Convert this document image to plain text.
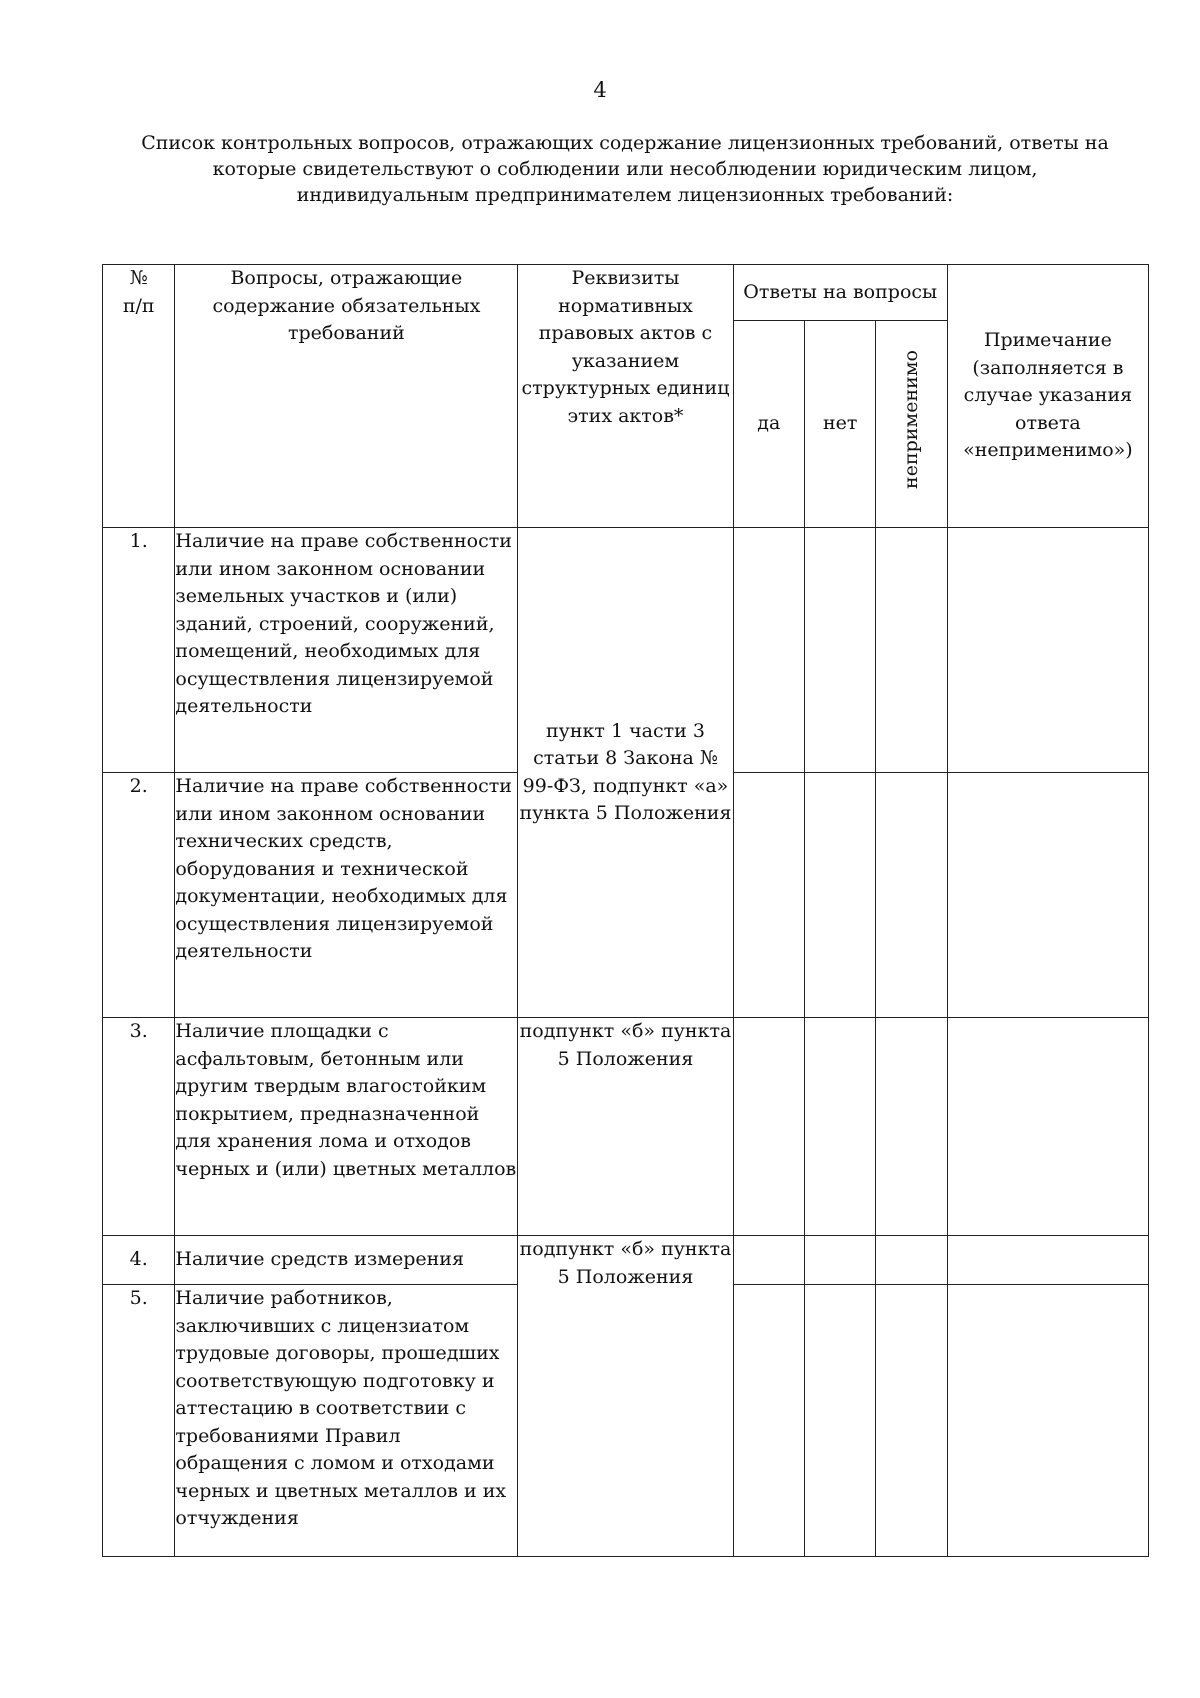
4

Список контрольных вопросов, отражающих содержание лицензионных требований, ответы на
которые свидетельствуют о соблюдении или несоблюдении юридическим лицом,
индивидуальным предпринимателем лицензионных требований:

№
п/п	Вопросы, отражающие содержание обязательных требований	Реквизиты нормативных правовых актов с указанием структурных единиц этих актов*	Ответы на вопросы			Примечание (заполняется в случае указания ответа «неприменимо»)
			да	нет	неприменимо	
1.	Наличие на праве собственности или ином законном основании земельных участков и (или) зданий, строений, сооружений, помещений, необходимых для осуществления лицензируемой деятельности	пункт 1 части 3 статьи 8 Закона № 99-ФЗ, подпункт «а» пункта 5 Положения				
2.	Наличие на праве собственности или ином законном основании технических средств, оборудования и технической документации, необходимых для осуществления лицензируемой деятельности					
3.	Наличие площадки с асфальтовым, бетонным или другим твердым влагостойким покрытием, предназначенной для хранения лома и отходов черных и (или) цветных металлов	подпункт «б» пункта 5 Положения				
4.	Наличие средств измерения	подпункт «б» пункта 5 Положения				
5.	Наличие работников, заключивших с лицензиатом трудовые договоры, прошедших соответствующую подготовку и аттестацию в соответствии с требованиями Правил обращения с ломом и отходами черных и цветных металлов и их отчуждения					
